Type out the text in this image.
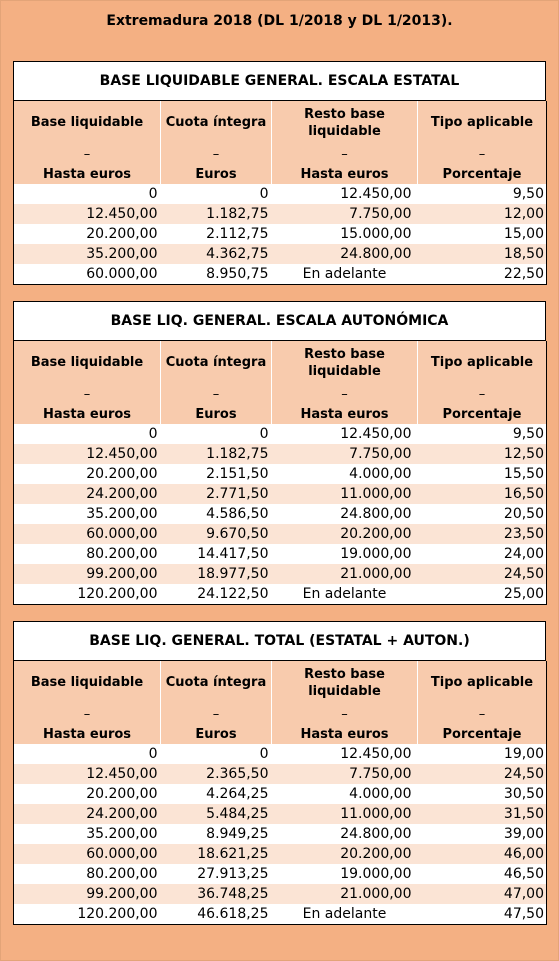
Extremadura 2018 (DL 1/2018 y DL 1/2013).
BASE LIQUIDABLE GENERAL. ESCALA ESTATAL
Base liquidable	Cuota íntegra	Resto base liquidable	Tipo aplicable
–	–	–	–
Hasta euros	Euros	Hasta euros	Porcentaje
0	0	12.450,00	9,50
12.450,00	1.182,75	7.750,00	12,00
20.200,00	2.112,75	15.000,00	15,00
35.200,00	4.362,75	24.800,00	18,50
60.000,00	8.950,75	En adelante	22,50
BASE LIQ. GENERAL. ESCALA AUTONÓMICA
Base liquidable	Cuota íntegra	Resto base liquidable	Tipo aplicable
–	–	–	–
Hasta euros	Euros	Hasta euros	Porcentaje
0	0	12.450,00	9,50
12.450,00	1.182,75	7.750,00	12,50
20.200,00	2.151,50	4.000,00	15,50
24.200,00	2.771,50	11.000,00	16,50
35.200,00	4.586,50	24.800,00	20,50
60.000,00	9.670,50	20.200,00	23,50
80.200,00	14.417,50	19.000,00	24,00
99.200,00	18.977,50	21.000,00	24,50
120.200,00	24.122,50	En adelante	25,00
BASE LIQ. GENERAL. TOTAL (ESTATAL + AUTON.)
Base liquidable	Cuota íntegra	Resto base liquidable	Tipo aplicable
–	–	–	–
Hasta euros	Euros	Hasta euros	Porcentaje
0	0	12.450,00	19,00
12.450,00	2.365,50	7.750,00	24,50
20.200,00	4.264,25	4.000,00	30,50
24.200,00	5.484,25	11.000,00	31,50
35.200,00	8.949,25	24.800,00	39,00
60.000,00	18.621,25	20.200,00	46,00
80.200,00	27.913,25	19.000,00	46,50
99.200,00	36.748,25	21.000,00	47,00
120.200,00	46.618,25	En adelante	47,50
